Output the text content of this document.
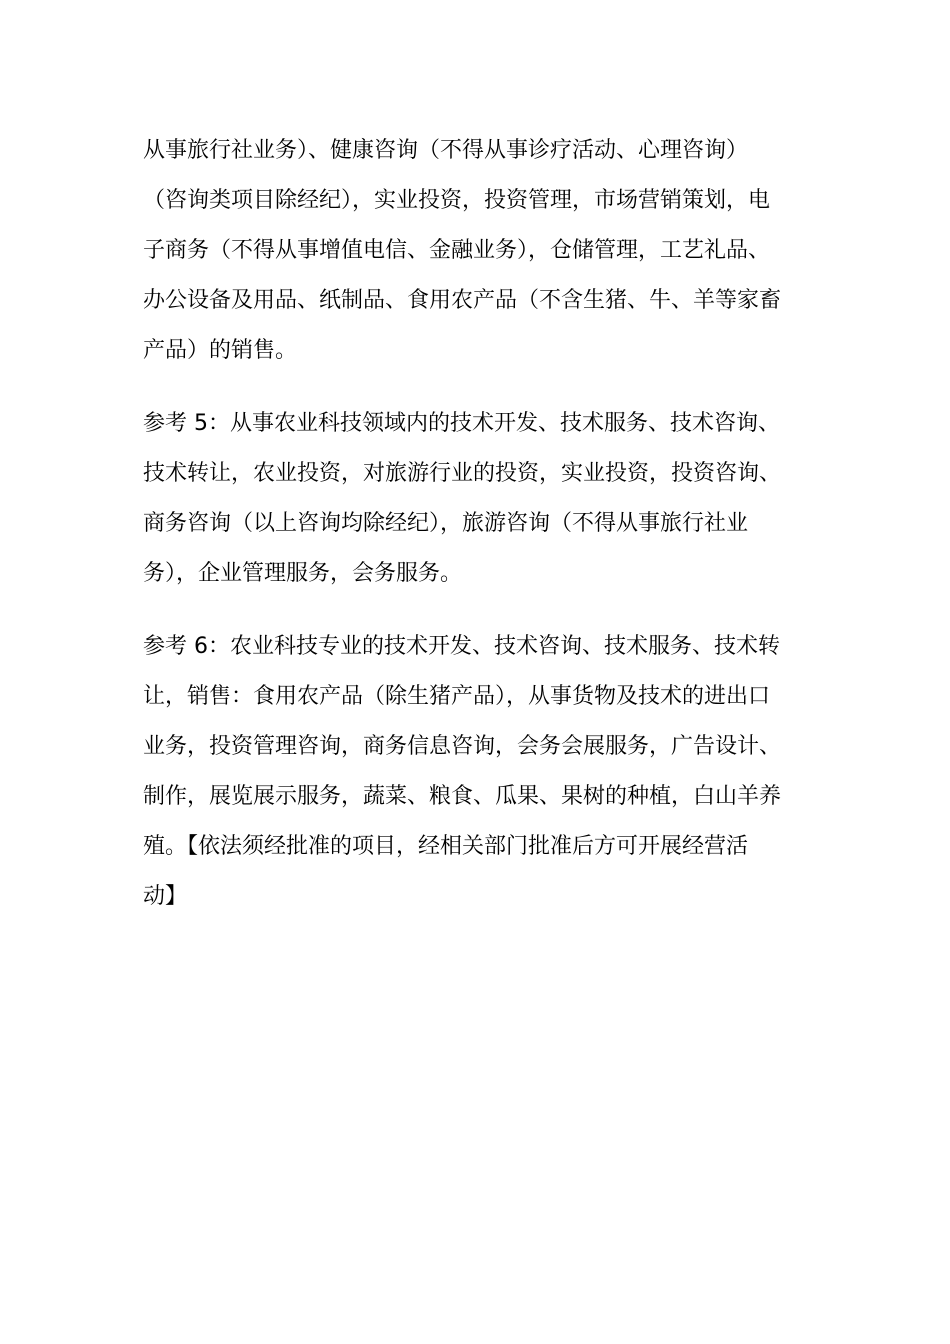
从事旅行社业务）、健康咨询（不得从事诊疗活动、心理咨询）
（咨询类项目除经纪），实业投资，投资管理，市场营销策划，电
子商务（不得从事增值电信、金融业务），仓储管理，工艺礼品、
办公设备及用品、纸制品、食用农产品（不含生猪、牛、羊等家畜
产品）的销售。
参考 5：从事农业科技领域内的技术开发、技术服务、技术咨询、
技术转让，农业投资，对旅游行业的投资，实业投资，投资咨询、
商务咨询（以上咨询均除经纪），旅游咨询（不得从事旅行社业
务），企业管理服务，会务服务。
参考 6：农业科技专业的技术开发、技术咨询、技术服务、技术转
让，销售：食用农产品（除生猪产品），从事货物及技术的进出口
业务，投资管理咨询，商务信息咨询，会务会展服务，广告设计、
制作，展览展示服务，蔬菜、粮食、瓜果、果树的种植，白山羊养
殖。【依法须经批准的项目，经相关部门批准后方可开展经营活
动】
